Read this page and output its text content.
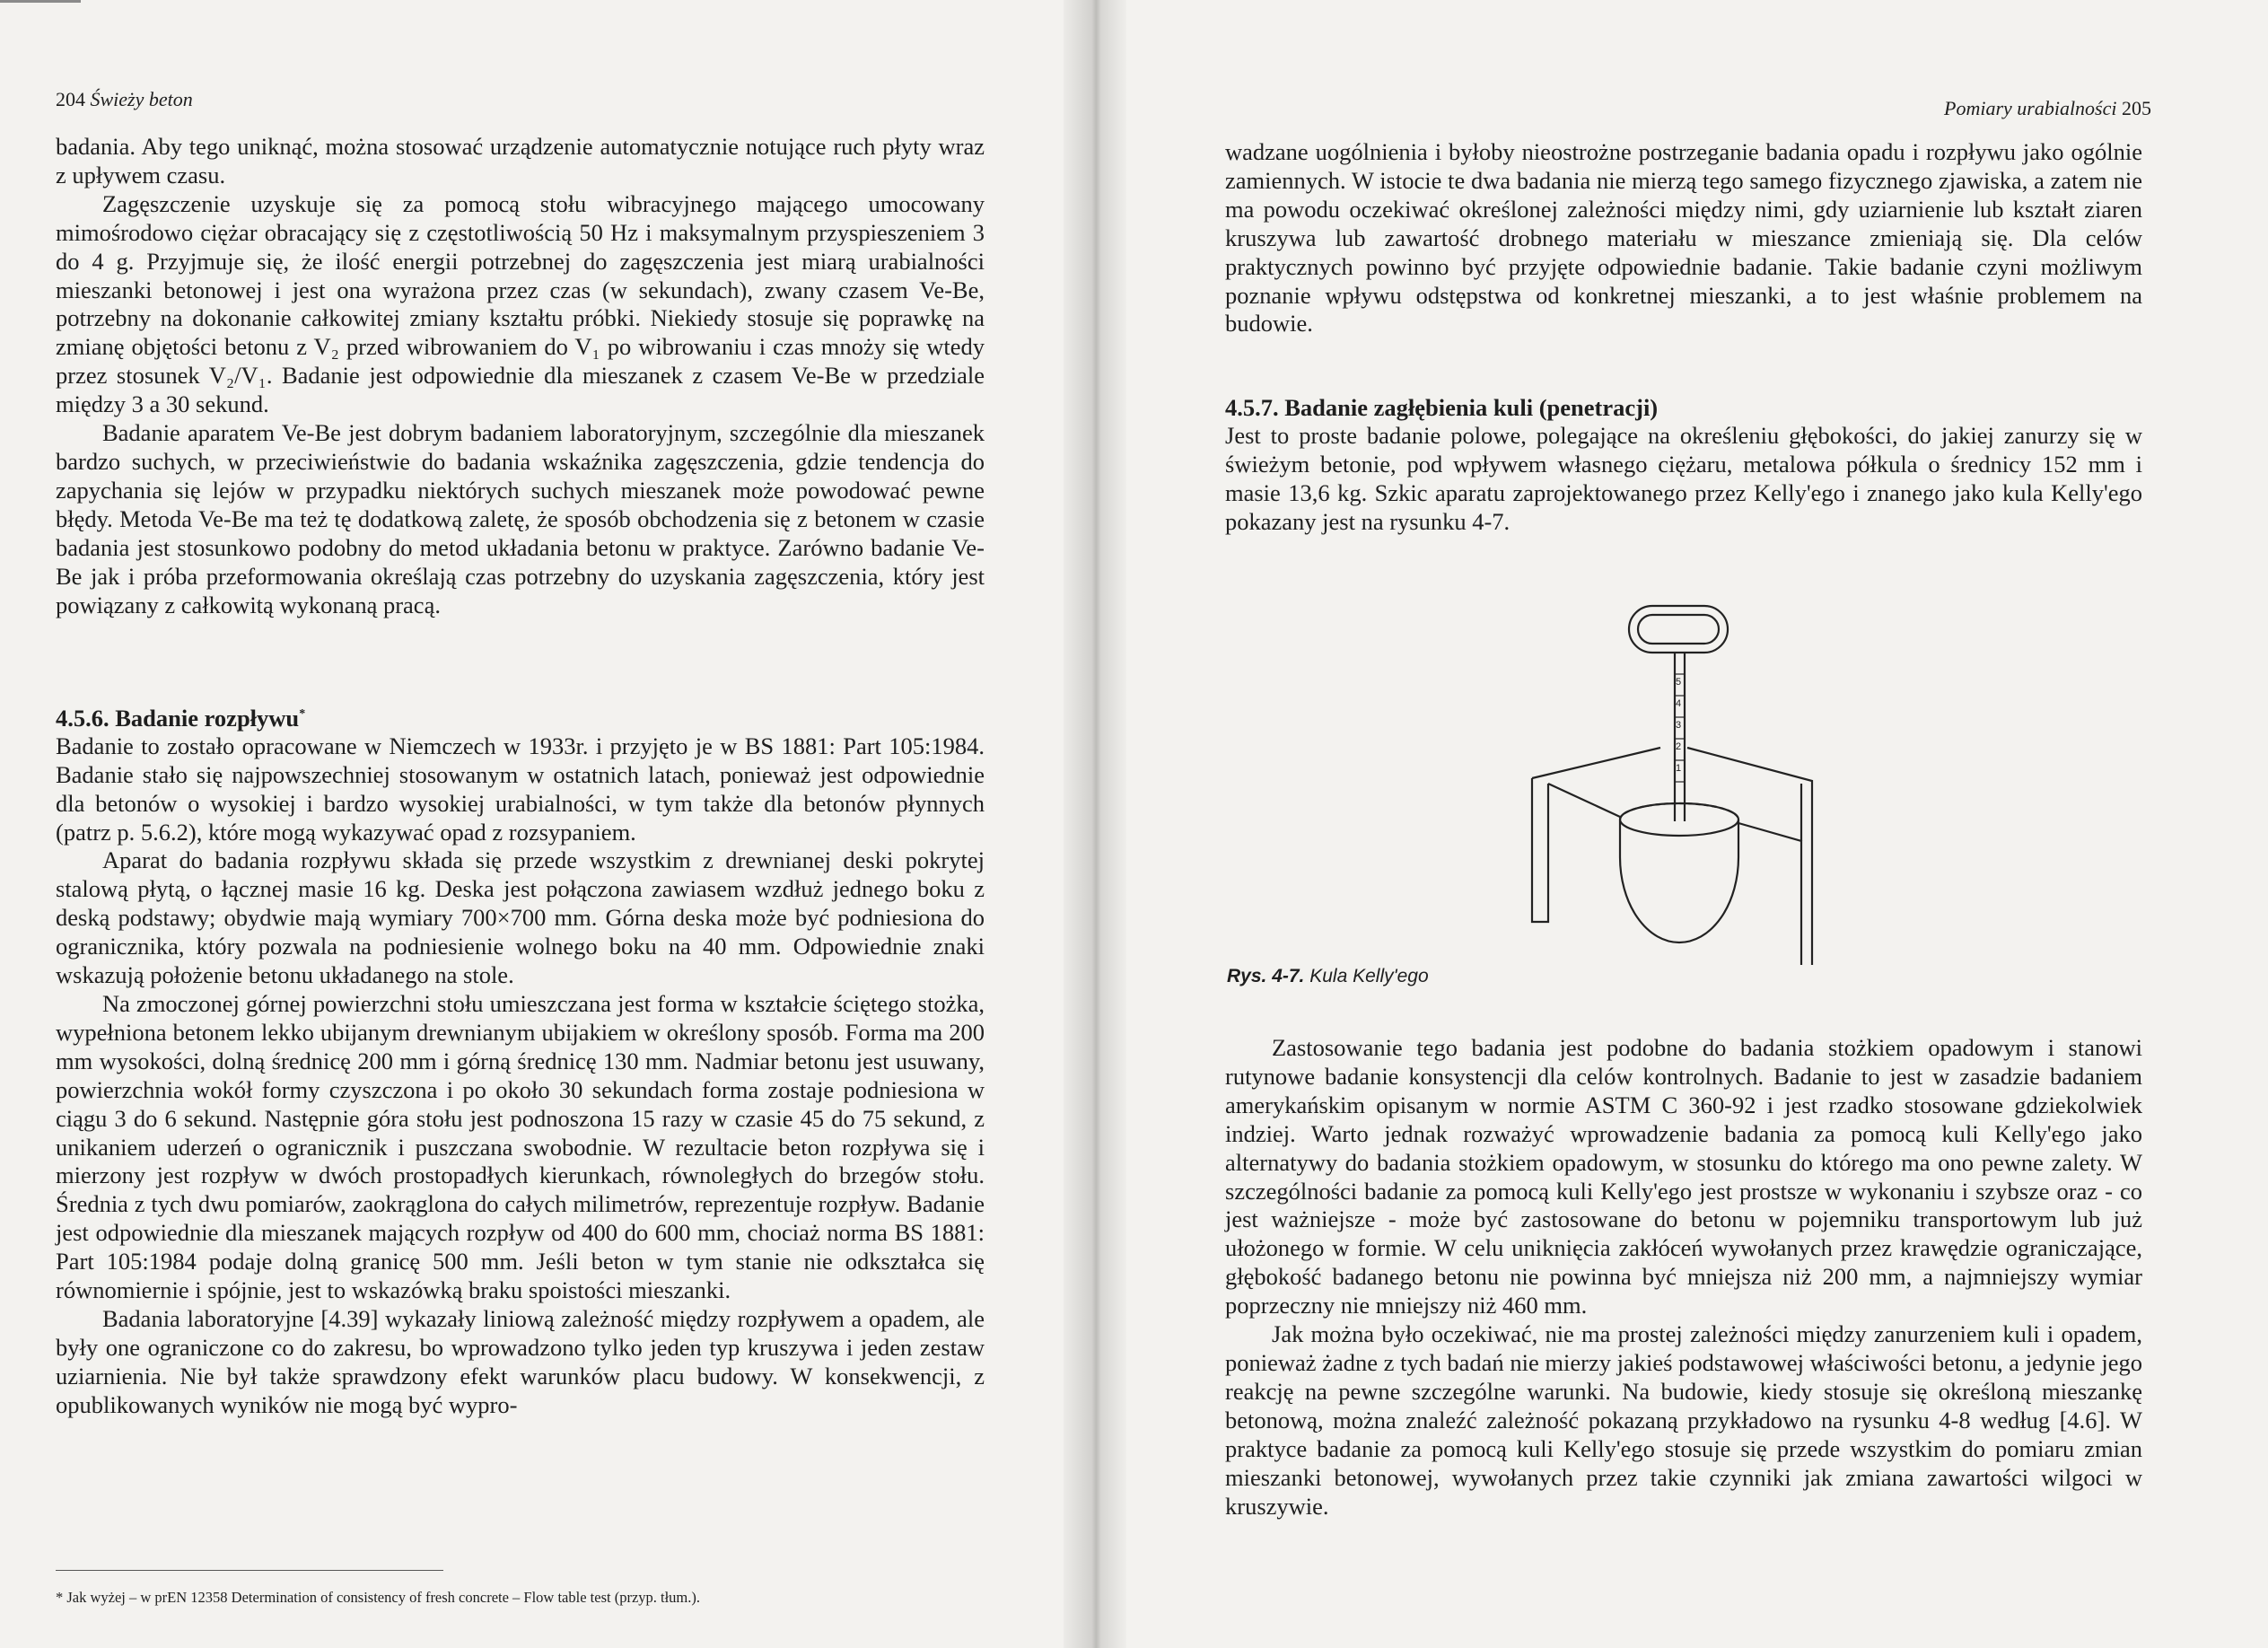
204 Świeży beton

badania. Aby tego uniknąć, można stosować urządzenie automatycznie notujące ruch płyty wraz z upływem czasu.

Zagęszczenie uzyskuje się za pomocą stołu wibracyjnego mającego umocowany mimośrodowo ciężar obracający się z częstotliwością 50 Hz i maksymalnym przyspieszeniem 3 do 4 g. Przyjmuje się, że ilość energii potrzebnej do zagęszczenia jest miarą urabialności mieszanki betonowej i jest ona wyrażona przez czas (w sekundach), zwany czasem Ve-Be, potrzebny na dokonanie całkowitej zmiany kształtu próbki. Niekiedy stosuje się poprawkę na zmianę objętości betonu z V₂ przed wibrowaniem do V₁ po wibrowaniu i czas mnoży się wtedy przez stosunek V₂/V₁. Badanie jest odpowiednie dla mieszanek z czasem Ve-Be w przedziale między 3 a 30 sekund.

Badanie aparatem Ve-Be jest dobrym badaniem laboratoryjnym, szczególnie dla mieszanek bardzo suchych, w przeciwieństwie do badania wskaźnika zagęszczenia, gdzie tendencja do zapychania się lejów w przypadku niektórych suchych mieszanek może powodować pewne błędy. Metoda Ve-Be ma też tę dodatkową zaletę, że sposób obchodzenia się z betonem w czasie badania jest stosunkowo podobny do metod układania betonu w praktyce. Zarówno badanie Ve-Be jak i próba przeformowania określają czas potrzebny do uzyskania zagęszczenia, który jest powiązany z całkowitą wykonaną pracą.

4.5.6. Badanie rozpływu*

Badanie to zostało opracowane w Niemczech w 1933r. i przyjęto je w BS 1881: Part 105:1984. Badanie stało się najpowszechniej stosowanym w ostatnich latach, ponieważ jest odpowiednie dla betonów o wysokiej i bardzo wysokiej urabialności, w tym także dla betonów płynnych (patrz p. 5.6.2), które mogą wykazywać opad z rozsypaniem.

Aparat do badania rozpływu składa się przede wszystkim z drewnianej deski pokrytej stalową płytą, o łącznej masie 16 kg. Deska jest połączona zawiasem wzdłuż jednego boku z deską podstawy; obydwie mają wymiary 700×700 mm. Górna deska może być podniesiona do ogranicznika, który pozwala na podniesienie wolnego boku na 40 mm. Odpowiednie znaki wskazują położenie betonu układanego na stole.

Na zmoczonej górnej powierzchni stołu umieszczana jest forma w kształcie ściętego stożka, wypełniona betonem lekko ubijanym drewnianym ubijakiem w określony sposób. Forma ma 200 mm wysokości, dolną średnicę 200 mm i górną średnicę 130 mm. Nadmiar betonu jest usuwany, powierzchnia wokół formy czyszczona i po około 30 sekundach forma zostaje podniesiona w ciągu 3 do 6 sekund. Następnie góra stołu jest podnoszona 15 razy w czasie 45 do 75 sekund, z unikaniem uderzeń o ogranicznik i puszczana swobodnie. W rezultacie beton rozpływa się i mierzony jest rozpływ w dwóch prostopadłych kierunkach, równoległych do brzegów stołu. Średnia z tych dwu pomiarów, zaokrąglona do całych milimetrów, reprezentuje rozpływ. Badanie jest odpowiednie dla mieszanek mających rozpływ od 400 do 600 mm, chociaż norma BS 1881: Part 105:1984 podaje dolną granicę 500 mm. Jeśli beton w tym stanie nie odkształca się równomiernie i spójnie, jest to wskazówką braku spoistości mieszanki.

Badania laboratoryjne [4.39] wykazały liniową zależność między rozpływem a opadem, ale były one ograniczone co do zakresu, bo wprowadzono tylko jeden typ kruszywa i jeden zestaw uziarnienia. Nie był także sprawdzony efekt warunków placu budowy. W konsekwencji, z opublikowanych wyników nie mogą być wypro-

* Jak wyżej – w prEN 12358 Determination of consistency of fresh concrete – Flow table test (przyp. tłum.).
Pomiary urabialności 205

wadzane uogólnienia i byłoby nieostrożne postrzeganie badania opadu i rozpływu jako ogólnie zamiennych. W istocie te dwa badania nie mierzą tego samego fizycznego zjawiska, a zatem nie ma powodu oczekiwać określonej zależności między nimi, gdy uziarnienie lub kształt ziaren kruszywa lub zawartość drobnego materiału w mieszance zmieniają się. Dla celów praktycznych powinno być przyjęte odpowiednie badanie. Takie badanie czyni możliwym poznanie wpływu odstępstwa od konkretnej mieszanki, a to jest właśnie problemem na budowie.

4.5.7. Badanie zagłębienia kuli (penetracji)

Jest to proste badanie polowe, polegające na określeniu głębokości, do jakiej zanurzy się w świeżym betonie, pod wpływem własnego ciężaru, metalowa półkula o średnicy 152 mm i masie 13,6 kg. Szkic aparatu zaprojektowanego przez Kelly'ego i znanego jako kula Kelly'ego pokazany jest na rysunku 4-7.

Zastosowanie tego badania jest podobne do badania stożkiem opadowym i stanowi rutynowe badanie konsystencji dla celów kontrolnych. Badanie to jest w zasadzie badaniem amerykańskim opisanym w normie ASTM C 360-92 i jest rzadko stosowane gdziekolwiek indziej. Warto jednak rozważyć wprowadzenie badania za pomocą kuli Kelly'ego jako alternatywy do badania stożkiem opadowym, w stosunku do którego ma ono pewne zalety. W szczególności badanie za pomocą kuli Kelly'ego jest prostsze w wykonaniu i szybsze oraz - co jest ważniejsze - może być zastosowane do betonu w pojemniku transportowym lub już ułożonego w formie. W celu uniknięcia zakłóceń wywołanych przez krawędzie ograniczające, głębokość badanego betonu nie powinna być mniejsza niż 200 mm, a najmniejszy wymiar poprzeczny nie mniejszy niż 460 mm.

Jak można było oczekiwać, nie ma prostej zależności między zanurzeniem kuli i opadem, ponieważ żadne z tych badań nie mierzy jakieś podstawowej właściwości betonu, a jedynie jego reakcję na pewne szczególne warunki. Na budowie, kiedy stosuje się określoną mieszankę betonową, można znaleźć zależność pokazaną przykładowo na rysunku 4-8 według [4.6]. W praktyce badanie za pomocą kuli Kelly'ego stosuje się przede wszystkim do pomiaru zmian mieszanki betonowej, wywołanych przez takie czynniki jak zmiana zawartości wilgoci w kruszywie.

5
4
3
2
1
Rys. 4-7. Kula Kelly'ego
